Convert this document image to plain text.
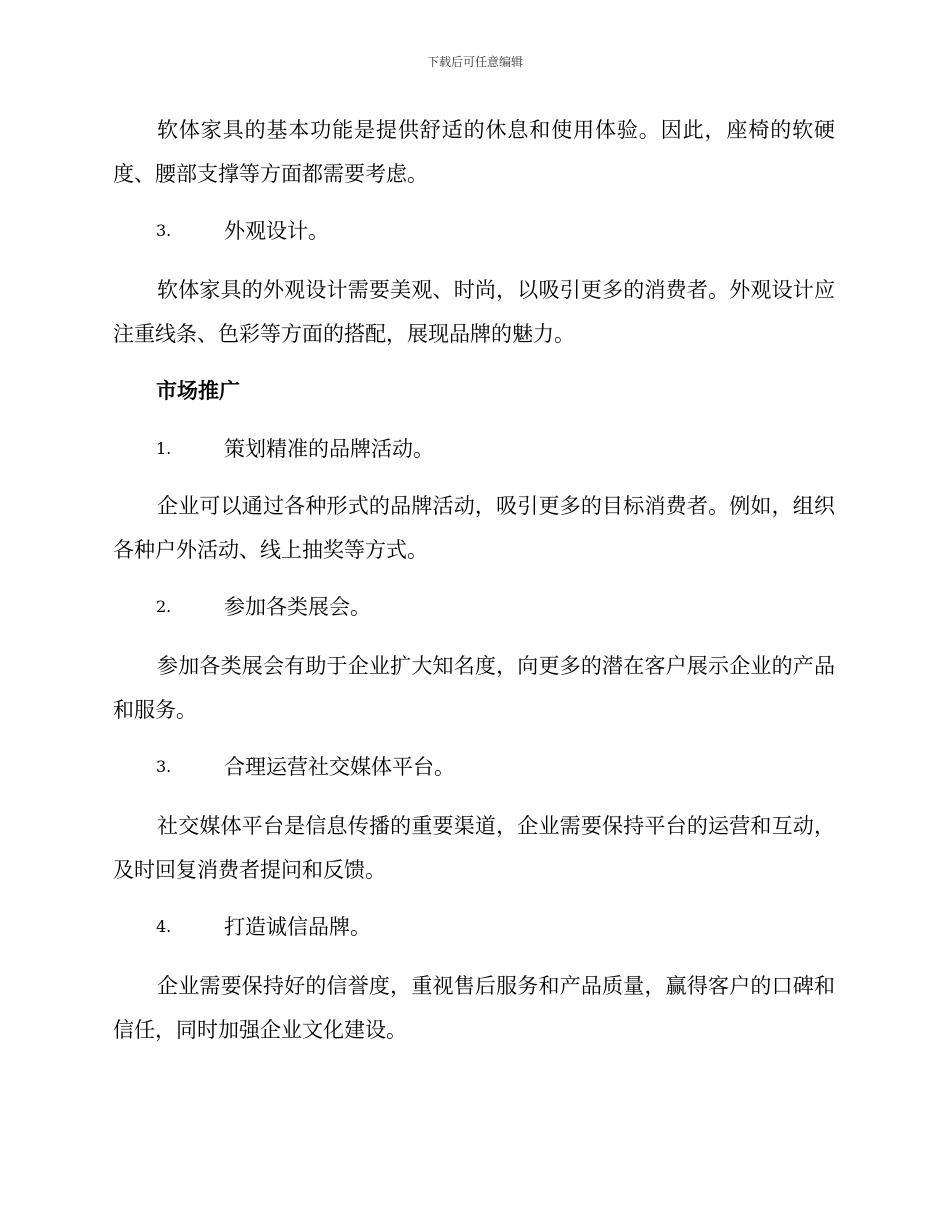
下载后可任意编辑

软体家具的基本功能是提供舒适的休息和使用体验。因此，座椅的软硬度、腰部支撑等方面都需要考虑。

3.	外观设计。

软体家具的外观设计需要美观、时尚，以吸引更多的消费者。外观设计应注重线条、色彩等方面的搭配，展现品牌的魅力。

市场推广
1.	策划精准的品牌活动。

企业可以通过各种形式的品牌活动，吸引更多的目标消费者。例如，组织各种户外活动、线上抽奖等方式。

2.	参加各类展会。

参加各类展会有助于企业扩大知名度，向更多的潜在客户展示企业的产品和服务。

3.	合理运营社交媒体平台。

社交媒体平台是信息传播的重要渠道，企业需要保持平台的运营和互动，及时回复消费者提问和反馈。

4.	打造诚信品牌。

企业需要保持好的信誉度，重视售后服务和产品质量，赢得客户的口碑和信任，同时加强企业文化建设。
